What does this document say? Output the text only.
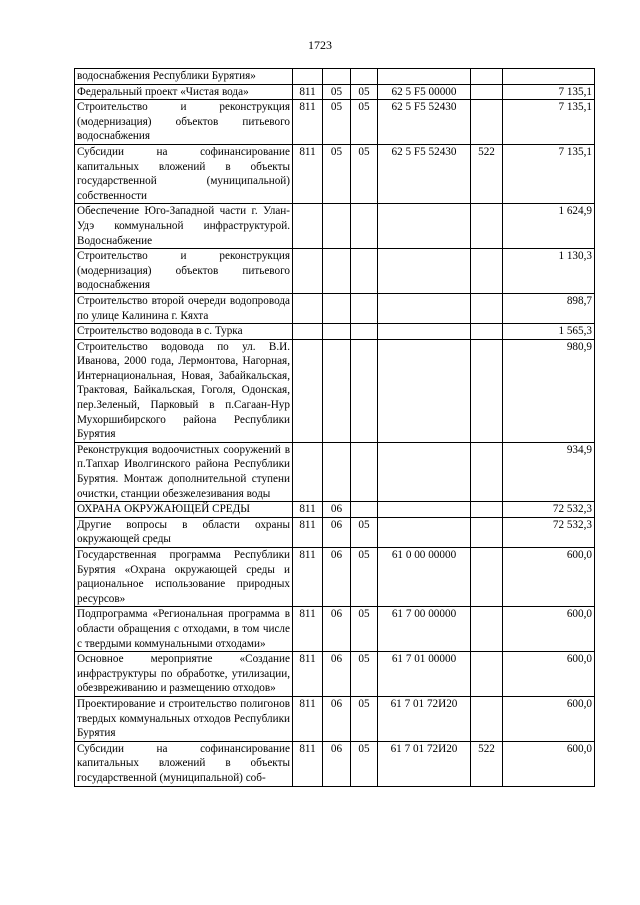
1723
водоснабжения Республики Бурятия»						
Федеральный проект «Чистая вода»	811	05	05	62 5 F5 00000		7 135,1
Строительство и реконструкция (модернизация) объектов питьевого водоснабжения	811	05	05	62 5 F5 52430		7 135,1
Субсидии на софинансирование капитальных вложений в объекты государственной (муниципальной) собственности	811	05	05	62 5 F5 52430	522	7 135,1
Обеспечение Юго-Западной части г. Улан-Удэ коммунальной инфраструктурой. Водоснабжение						1 624,9
Строительство и реконструкция (модернизация) объектов питьевого водоснабжения						1 130,3
Строительство второй очереди водопровода по улице Калинина г. Кяхта						898,7
Строительство водовода в с. Турка						1 565,3
Строительство водовода по ул. В.И. Иванова, 2000 года, Лермонтова, Нагорная, Интернациональная, Новая, Забайкальская, Трактовая, Байкальская, Гоголя, Одонская, пер.Зеленый, Парковый в п.Сагаан-Нур Мухоршибирского района Республики Бурятия						980,9
Реконструкция водоочистных сооружений в п.Тапхар Иволгинского района Республики Бурятия. Монтаж дополнительной ступени очистки, станции обезжелезивания воды						934,9
ОХРАНА ОКРУЖАЮЩЕЙ СРЕДЫ	811	06				72 532,3
Другие вопросы в области охраны окружающей среды	811	06	05			72 532,3
Государственная программа Республики Бурятия «Охрана окружающей среды и рациональное использование природных ресурсов»	811	06	05	61 0 00 00000		600,0
Подпрограмма «Региональная программа в области обращения с отходами, в том числе с твердыми коммунальными отходами»	811	06	05	61 7 00 00000		600,0
Основное мероприятие «Создание инфраструктуры по обработке, утилизации, обезвреживанию и размещению отходов»	811	06	05	61 7 01 00000		600,0
Проектирование и строительство полигонов твердых коммунальных отходов Республики Бурятия	811	06	05	61 7 01 72И20		600,0
Субсидии на софинансирование капитальных вложений в объекты государственной (муниципальной) соб-	811	06	05	61 7 01 72И20	522	600,0
